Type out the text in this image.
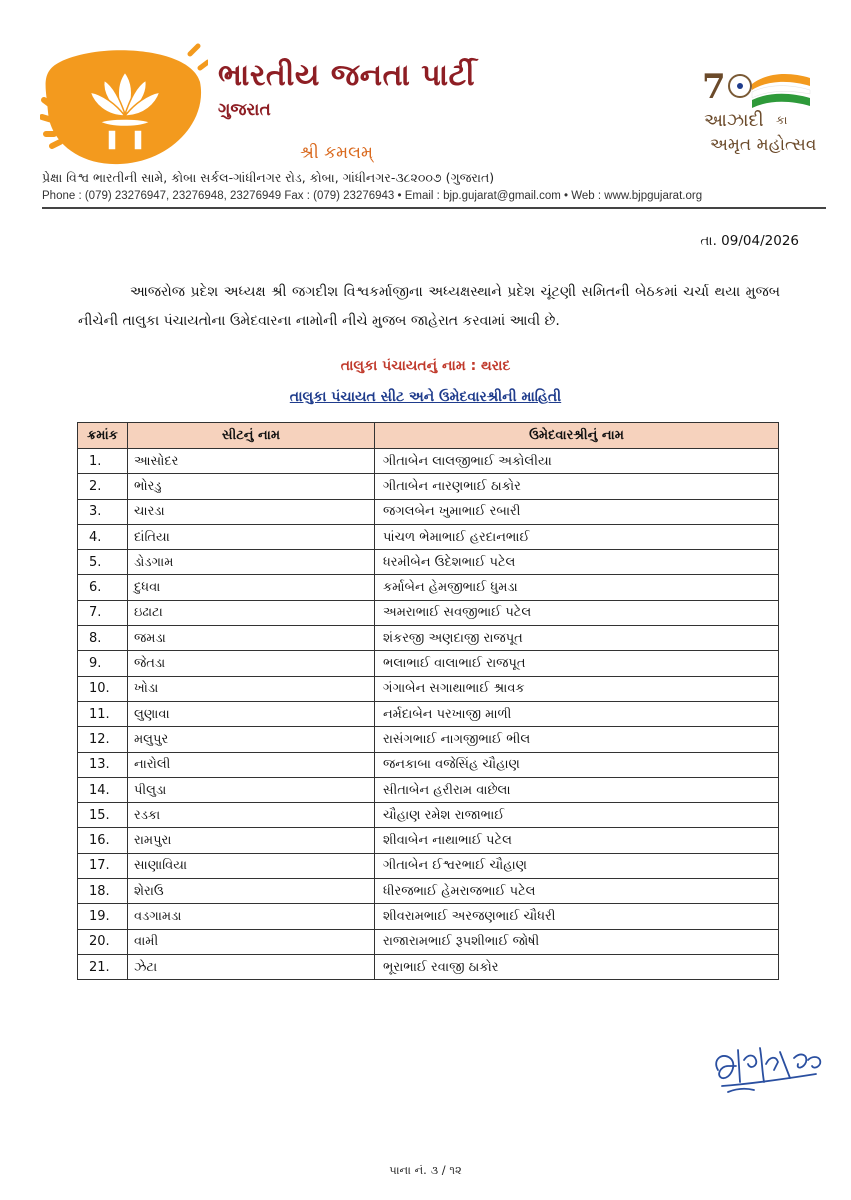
ભારતીય જનતા પાર્ટી
ગુજરાત
શ્રી કમલમ્
7
આઝાદી કા
અમૃત મહોત્સવ
પ્રેક્ષા વિશ્વ ભારતીની સામે, કોબા સર્કલ-ગાંધીનગર રોડ, કોબા, ગાંધીનગર-૩૮૨૦૦૭ (ગુજરાત)
Phone : (079) 23276947, 23276948, 23276949 Fax : (079) 23276943 • Email : bjp.gujarat@gmail.com • Web : www.bjpgujarat.org
તા. 09/04/2026
આજરોજ પ્રદેશ અધ્યક્ષ શ્રી જગદીશ વિશ્વકર્માજીના અધ્યક્ષસ્થાને પ્રદેશ ચૂંટણી સમિતની બેઠકમાં ચર્ચા થયા મુજબ નીચેની તાલુકા પંચાયતોના ઉમેદવારના નામોની નીચે મુજબ જાહેરાત કરવામાં આવી છે.
તાલુકા પંચાયતનું નામ : થરાદ
તાલુકા પંચાયત સીટ અને ઉમેદવારશ્રીની માહિતી
ક્રમાંક	સીટનું નામ	ઉમેદવારશ્રીનું નામ
1.	આસોદર	ગીતાબેન લાલજીભાઈ અકોલીયા
2.	ભોરડુ	ગીતાબેન નારણભાઈ ઠાકોર
3.	ચારડા	જગલબેન ખુમાભાઈ રબારી
4.	દાંતિયા	પાંચળ ભેમાભાઈ હરદાનભાઈ
5.	ડોડગામ	ધરમીબેન ઉદેશભાઈ પટેલ
6.	દુધવા	કર્માબેન હેમજીભાઈ ધુમડા
7.	ઇઢાટા	અમરાભાઈ સવજીભાઈ પટેલ
8.	જમડા	શંકરજી અણદાજી રાજપૂત
9.	જેતડા	ભલાભાઈ વાલાભાઈ રાજપૂત
10.	ખોડા	ગંગાબેન સગાથાભાઈ શ્રાવક
11.	લુણાવા	નર્મદાબેન પરખાજી માળી
12.	મલુપુર	રાસંગભાઈ નાગજીભાઈ ભીલ
13.	નારોલી	જનકાબા વજેસિંહ ચૌહાણ
14.	પીલુડા	સીતાબેન હરીરામ વાછેલા
15.	રડકા	ચૌહાણ રમેશ રાજાભાઈ
16.	રામપુરા	શીવાબેન નાથાભાઈ પટેલ
17.	સાણાવિયા	ગીતાબેન ઈશ્વરભાઈ ચૌહાણ
18.	શેરાઉ	ધીરજભાઈ હેમરાજભાઈ પટેલ
19.	વડગામડા	શીવરામભાઈ અરજણભાઈ ચૌધરી
20.	વામી	રાજારામભાઈ રૂપશીભાઈ જોષી
21.	ઝેટા	ભૂરાભાઈ રવાજી ઠાકોર
પાના નં. ૩ / ૧૨
